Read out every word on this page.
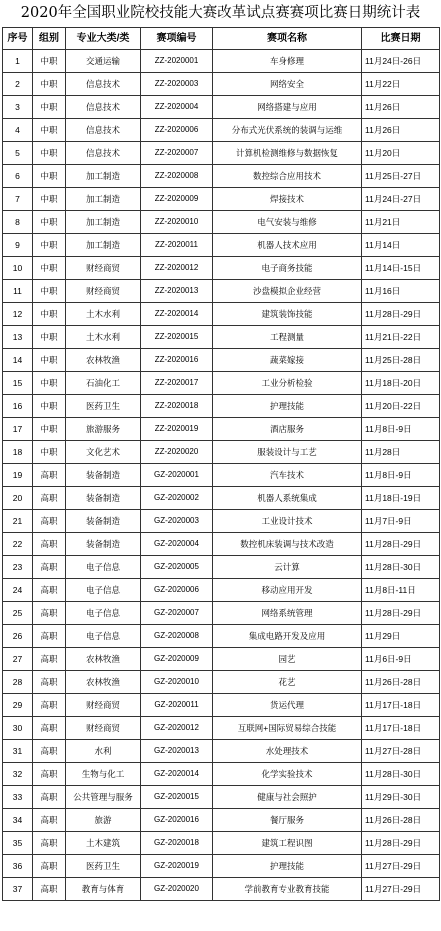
2020年全国职业院校技能大赛改革试点赛赛项比赛日期统计表
序号	组别	专业大类/类	赛项编号	赛项名称	比赛日期
1	中职	交通运输	ZZ-2020001	车身修理	11月24日-26日
2	中职	信息技术	ZZ-2020003	网络安全	11月22日
3	中职	信息技术	ZZ-2020004	网络搭建与应用	11月26日
4	中职	信息技术	ZZ-2020006	分布式光伏系统的装调与运维	11月26日
5	中职	信息技术	ZZ-2020007	计算机检测维修与数据恢复	11月20日
6	中职	加工制造	ZZ-2020008	数控综合应用技术	11月25日-27日
7	中职	加工制造	ZZ-2020009	焊接技术	11月24日-27日
8	中职	加工制造	ZZ-2020010	电气安装与维修	11月21日
9	中职	加工制造	ZZ-2020011	机器人技术应用	11月14日
10	中职	财经商贸	ZZ-2020012	电子商务技能	11月14日-15日
11	中职	财经商贸	ZZ-2020013	沙盘模拟企业经营	11月16日
12	中职	土木水利	ZZ-2020014	建筑装饰技能	11月28日-29日
13	中职	土木水利	ZZ-2020015	工程测量	11月21日-22日
14	中职	农林牧渔	ZZ-2020016	蔬菜嫁接	11月25日-28日
15	中职	石油化工	ZZ-2020017	工业分析检验	11月18日-20日
16	中职	医药卫生	ZZ-2020018	护理技能	11月20日-22日
17	中职	旅游服务	ZZ-2020019	酒店服务	11月8日-9日
18	中职	文化艺术	ZZ-2020020	服装设计与工艺	11月28日
19	高职	装备制造	GZ-2020001	汽车技术	11月8日-9日
20	高职	装备制造	GZ-2020002	机器人系统集成	11月18日-19日
21	高职	装备制造	GZ-2020003	工业设计技术	11月7日-9日
22	高职	装备制造	GZ-2020004	数控机床装调与技术改造	11月28日-29日
23	高职	电子信息	GZ-2020005	云计算	11月28日-30日
24	高职	电子信息	GZ-2020006	移动应用开发	11月8日-11日
25	高职	电子信息	GZ-2020007	网络系统管理	11月28日-29日
26	高职	电子信息	GZ-2020008	集成电路开发及应用	11月29日
27	高职	农林牧渔	GZ-2020009	园艺	11月6日-9日
28	高职	农林牧渔	GZ-2020010	花艺	11月26日-28日
29	高职	财经商贸	GZ-2020011	货运代理	11月17日-18日
30	高职	财经商贸	GZ-2020012	互联网+国际贸易综合技能	11月17日-18日
31	高职	水利	GZ-2020013	水处理技术	11月27日-28日
32	高职	生物与化工	GZ-2020014	化学实验技术	11月28日-30日
33	高职	公共管理与服务	GZ-2020015	健康与社会照护	11月29日-30日
34	高职	旅游	GZ-2020016	餐厅服务	11月26日-28日
35	高职	土木建筑	GZ-2020018	建筑工程识图	11月28日-29日
36	高职	医药卫生	GZ-2020019	护理技能	11月27日-29日
37	高职	教育与体育	GZ-2020020	学前教育专业教育技能	11月27日-29日
